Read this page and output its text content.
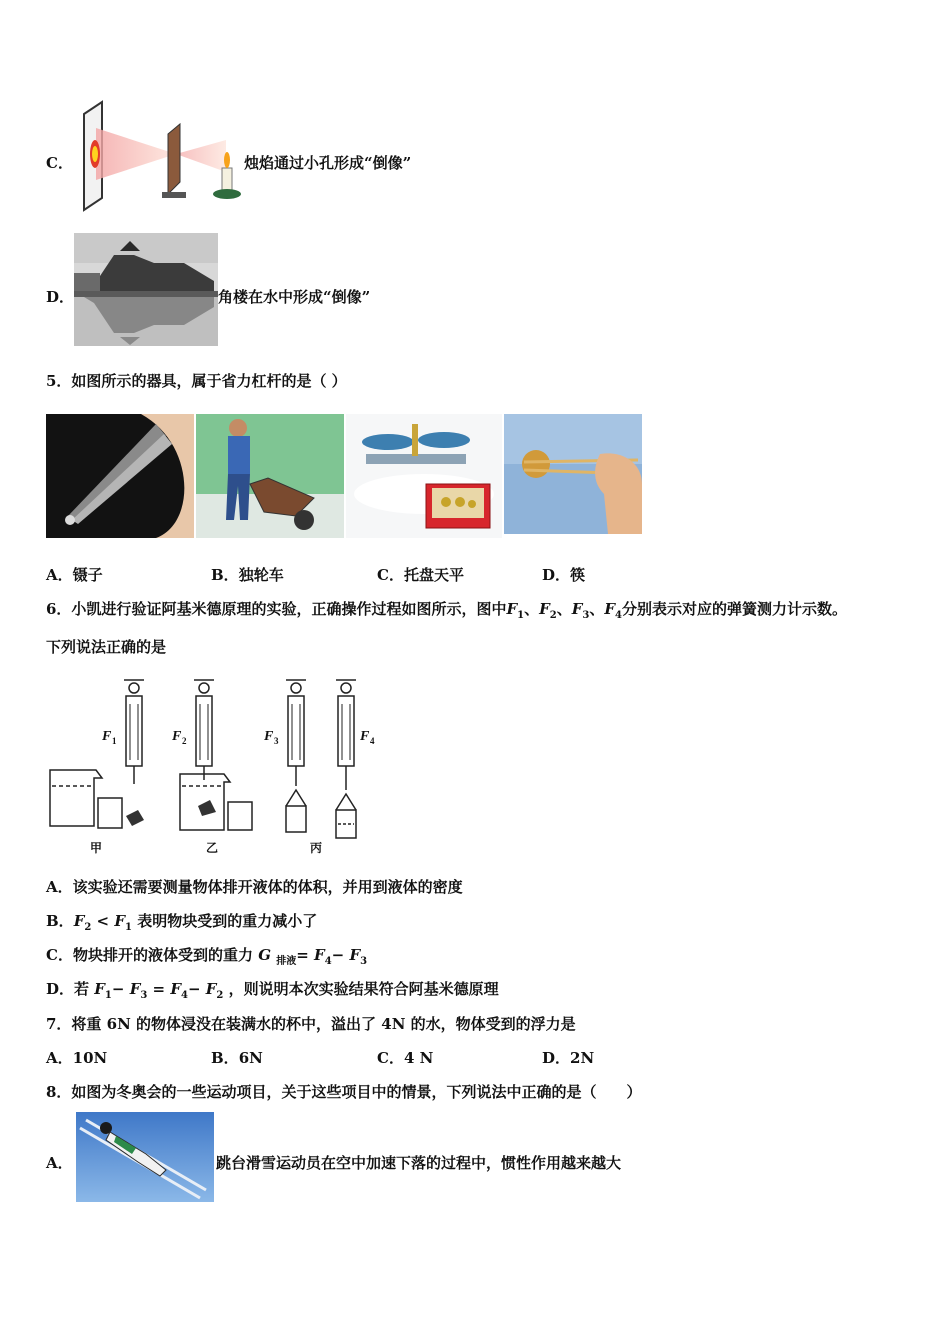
C．	烛焰通过小孔形成“倒像”
D．	角楼在水中形成“倒像”
5．如图所示的器具，属于省力杠杆的是（ ）
A．镊子	B．独轮车	C．托盘天平	D．筷
6．小凯进行验证阿基米德原理的实验，正确操作过程如图所示，图中$F_1$、$F_2$、$F_3$、$F_4$分别表示对应的弹簧测力计示数。
下列说法正确的是
F 1	F 2	F 3	F 4
甲	乙	丙
A．该实验还需要测量物体排开液体的体积，并用到液体的密度
B．$F_2 < F_1$ 表明物块受到的重力减小了
C．物块排开的液体受到的重力 G $_{排液}= F_4- F_3$
D．若 $F_1- F_3 = F_4- F_2$ ，则说明本次实验结果符合阿基米德原理
7．将重 6N 的物体浸没在装满水的杯中，溢出了 4N 的水，物体受到的浮力是
A．10N	B．6N	C．4 N	D．2N
8．如图为冬奥会的一些运动项目，关于这些项目中的情景，下列说法中正确的是（　　）
A．	跳台滑雪运动员在空中加速下落的过程中，惯性作用越来越大
